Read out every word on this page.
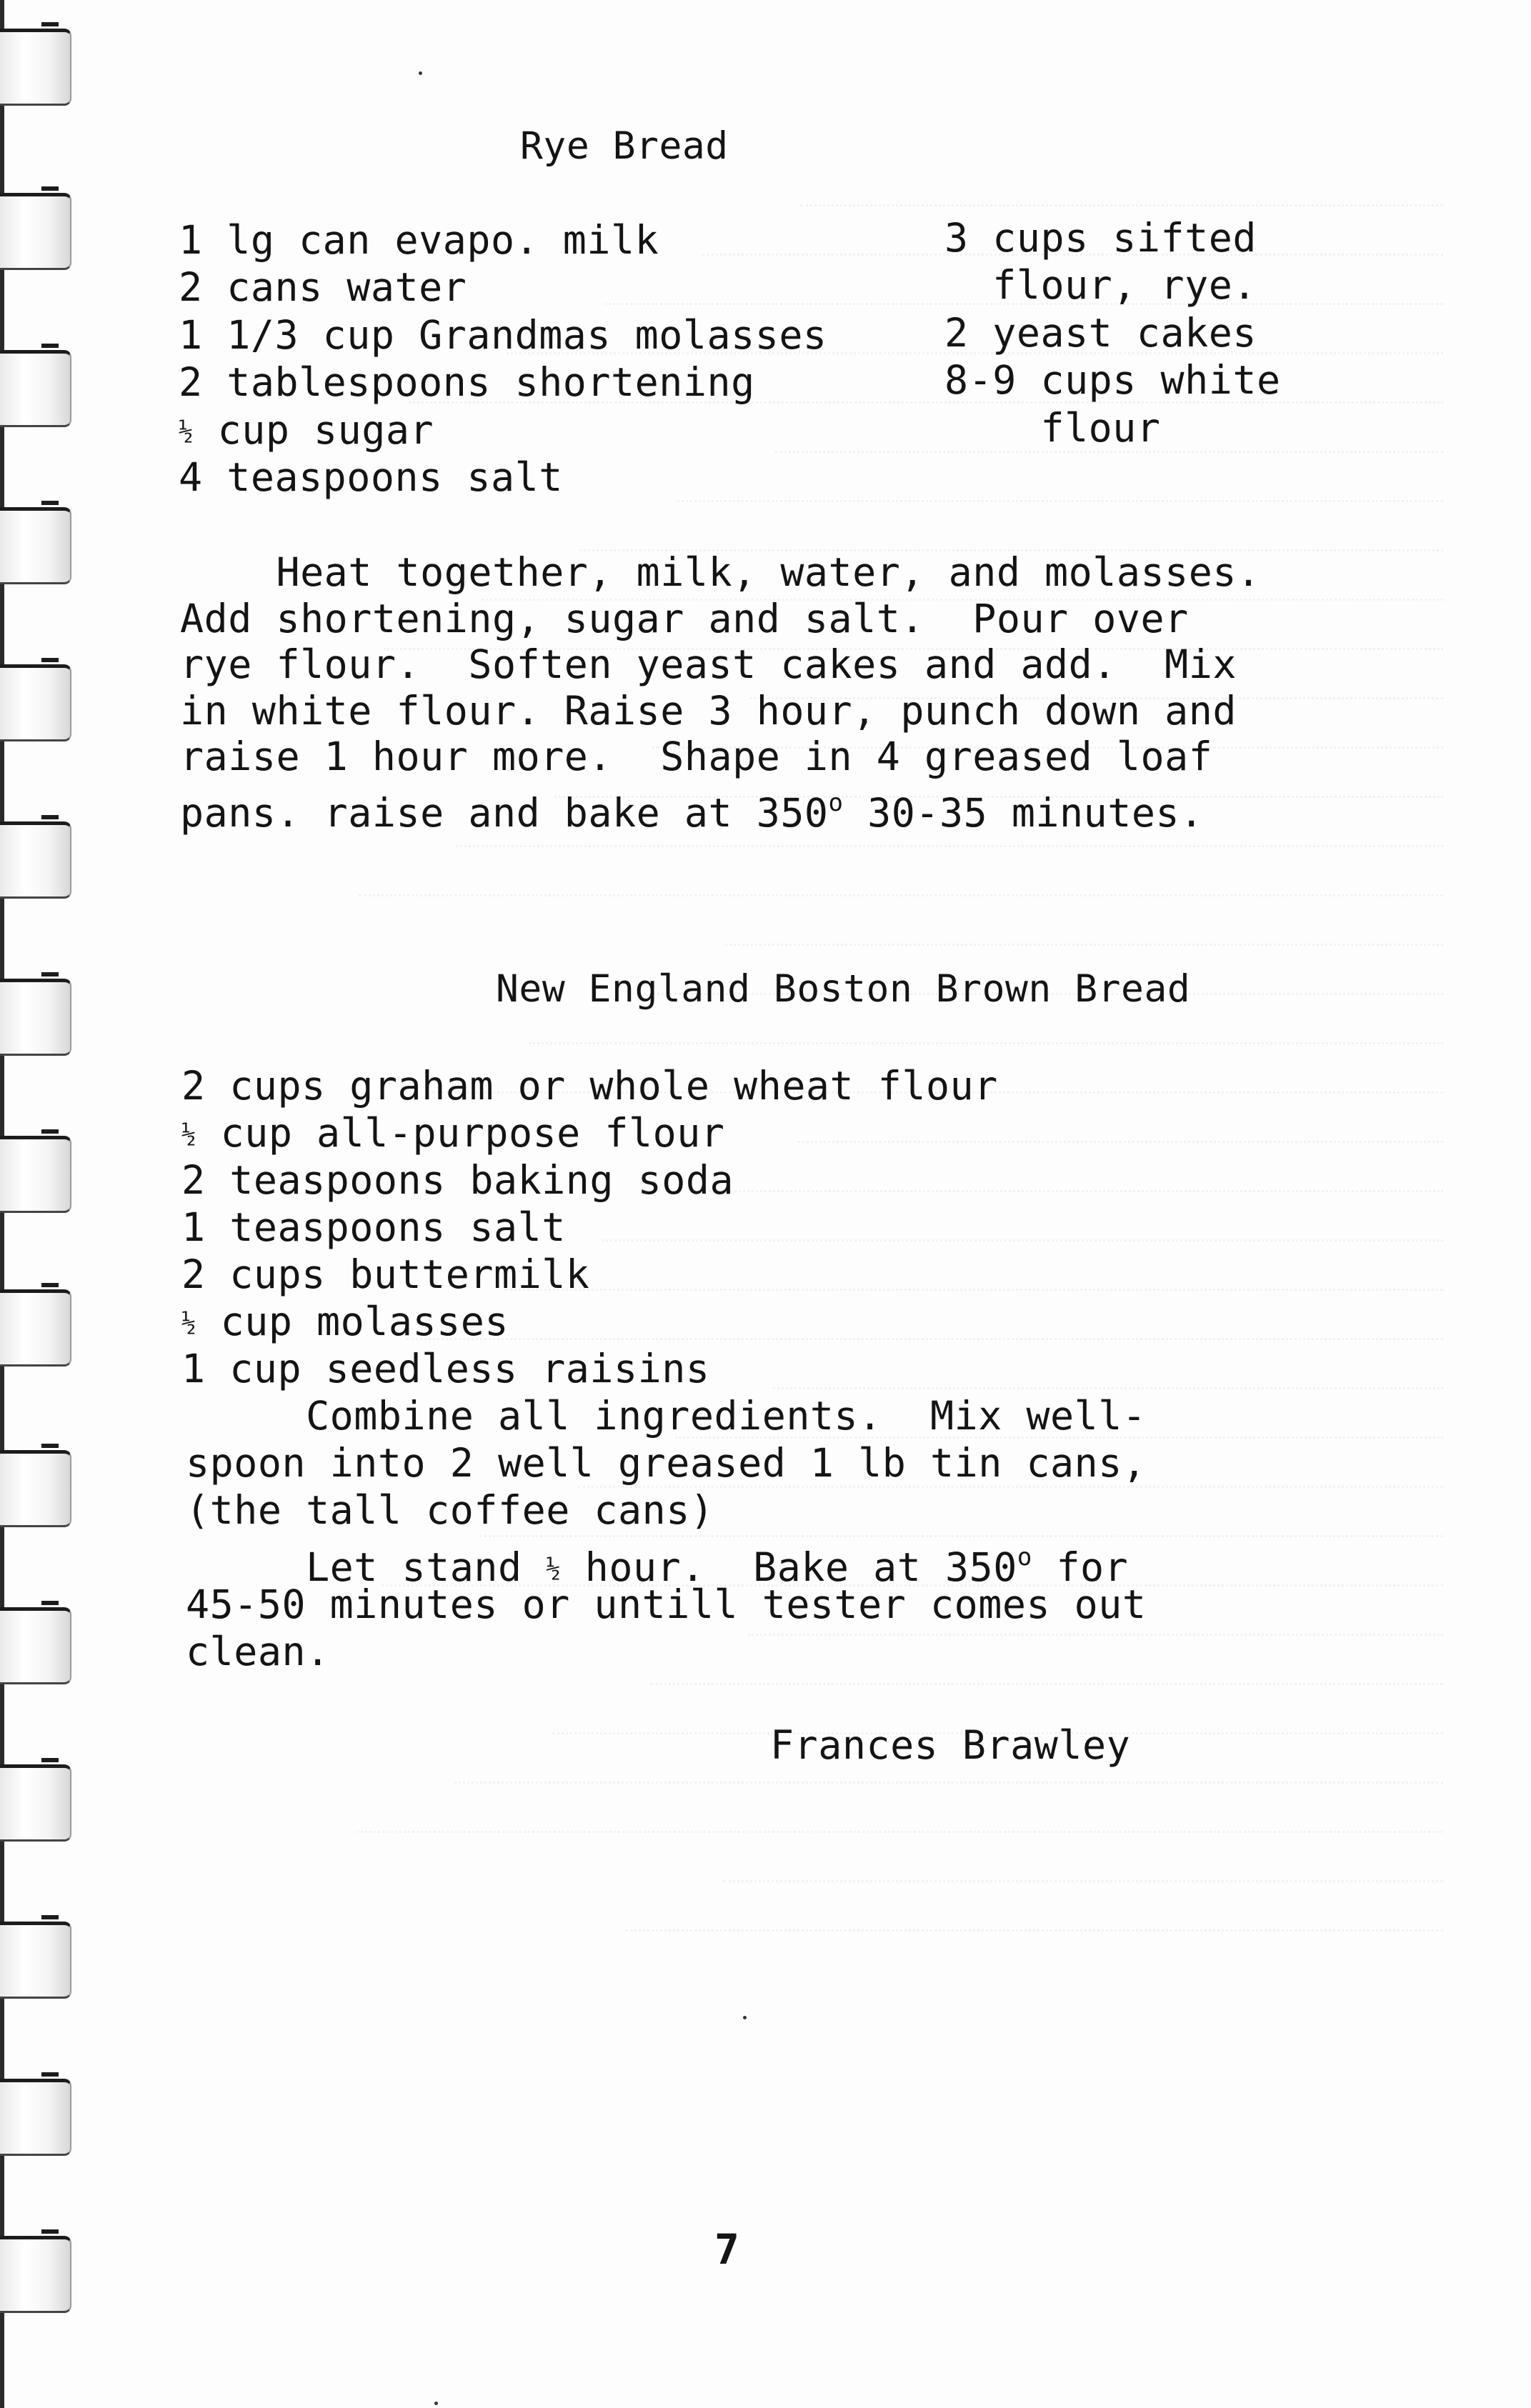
Rye Bread
1 lg can evapo. milk
2 cans water
1 1/3 cup Grandmas molasses
2 tablespoons shortening
½ cup sugar
4 teaspoons salt
3 cups sifted
flour, rye.
2 yeast cakes
8-9 cups white
flour
Heat together, milk, water, and molasses.
Add shortening, sugar and salt.  Pour over
rye flour.  Soften yeast cakes and add.  Mix
in white flour. Raise 3 hour, punch down and
raise 1 hour more.  Shape in 4 greased loaf
pans. raise and bake at 350$^o$ 30-35 minutes.
New England Boston Brown Bread
2 cups graham or whole wheat flour
½ cup all-purpose flour
2 teaspoons baking soda
1 teaspoons salt
2 cups buttermilk
½ cup molasses
1 cup seedless raisins
Combine all ingredients.  Mix well-
spoon into 2 well greased 1 lb tin cans,
(the tall coffee cans)
Let stand ½ hour.  Bake at 350$^o$ for
45-50 minutes or untill tester comes out
clean.
Frances Brawley
7
